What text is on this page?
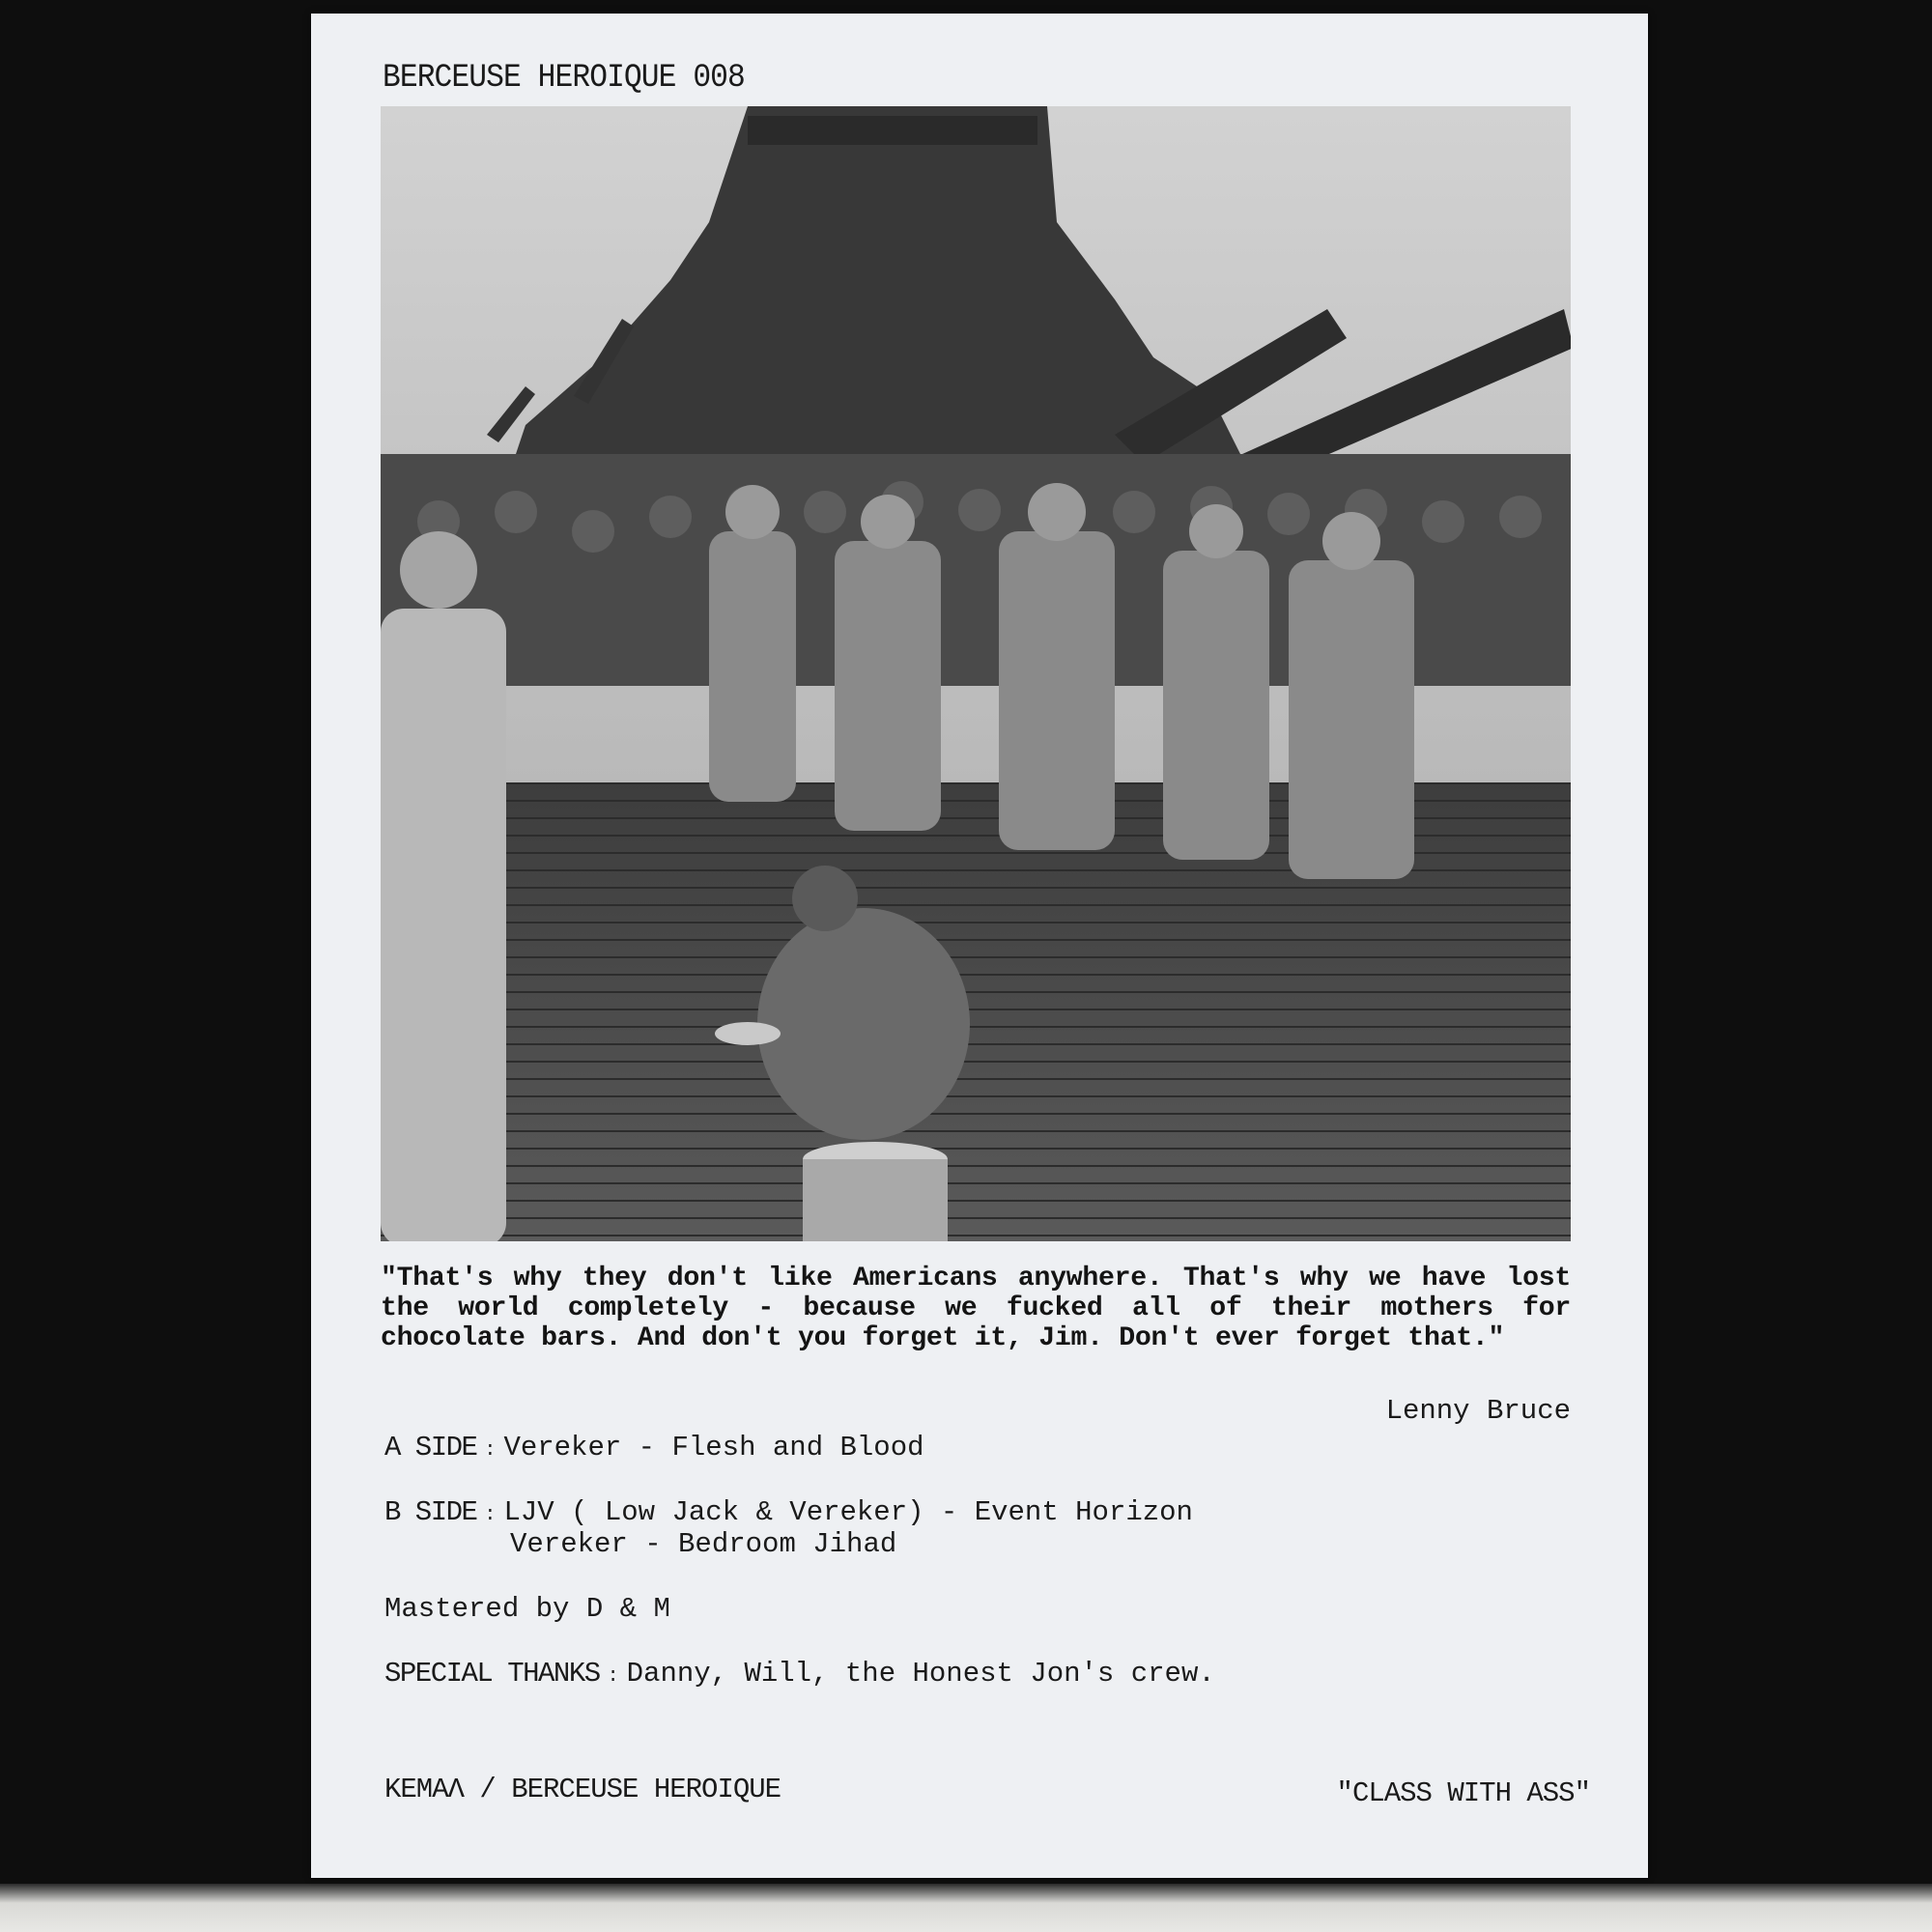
BERCEUSE HEROIQUE 008
"That's why they don't like Americans anywhere. That's why we have lost the world completely - because we fucked all of their mothers for chocolate bars. And don't you forget it, Jim. Don't ever forget that."
Lenny Bruce
A SIDE : Vereker - Flesh and Blood
B SIDE : LJV ( Low Jack & Vereker) - Event Horizon
Vereker - Bedroom Jihad
Mastered by D & M
SPECIAL THANKS : Danny, Will, the Honest Jon's crew.
KEMAΛ / BERCEUSE HEROIQUE	"CLASS WITH ASS"
